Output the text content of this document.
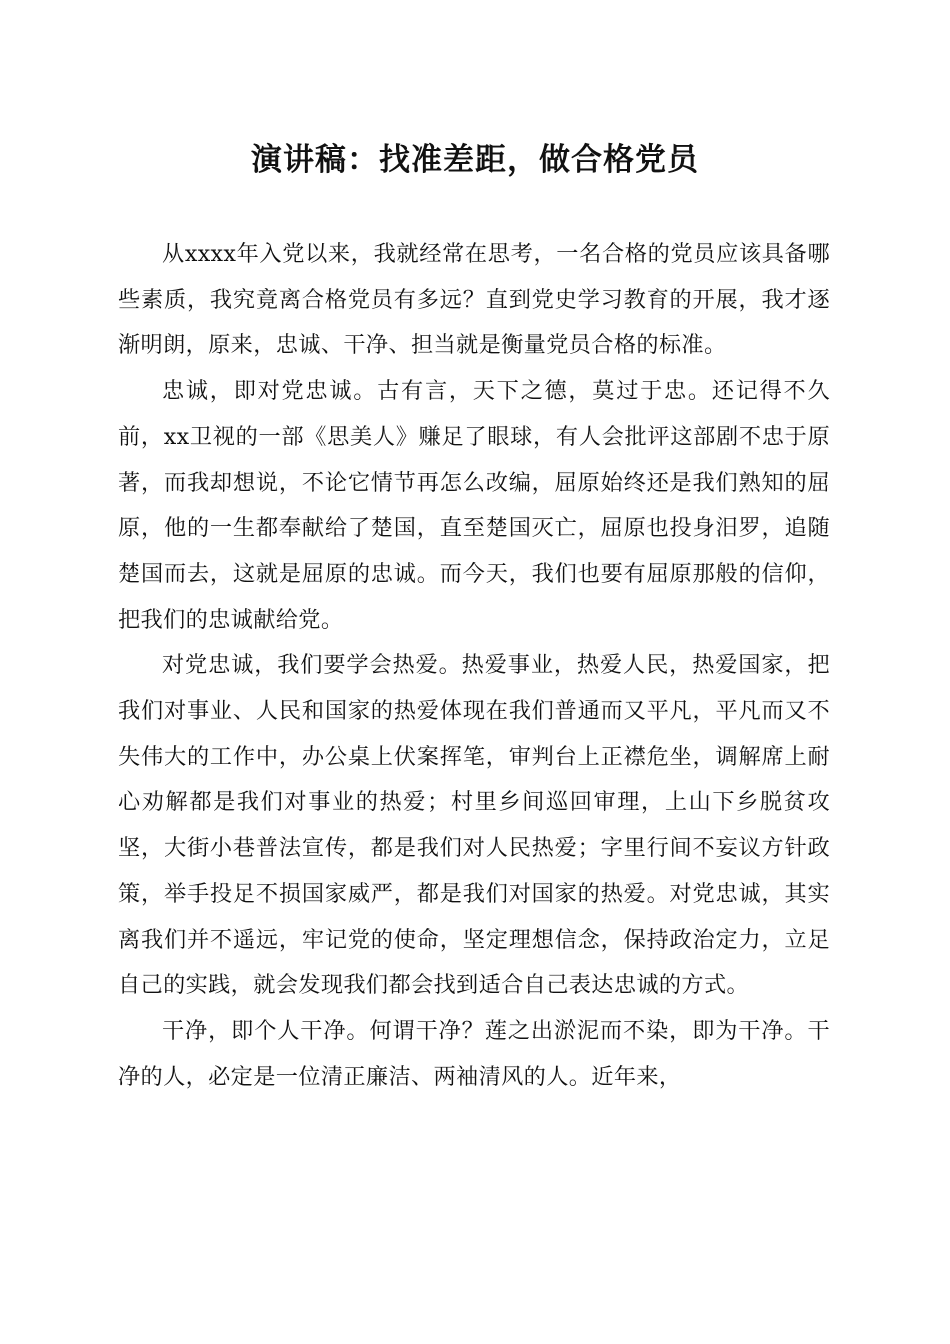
演讲稿：找准差距，做合格党员

从xxxx年入党以来，我就经常在思考，一名合格的党员应该具备哪些素质，我究竟离合格党员有多远？直到党史学习教育的开展，我才逐渐明朗，原来，忠诚、干净、担当就是衡量党员合格的标准。

忠诚，即对党忠诚。古有言，天下之德，莫过于忠。还记得不久前，xx卫视的一部《思美人》赚足了眼球，有人会批评这部剧不忠于原著，而我却想说，不论它情节再怎么改编，屈原始终还是我们熟知的屈原，他的一生都奉献给了楚国，直至楚国灭亡，屈原也投身汨罗，追随楚国而去，这就是屈原的忠诚。而今天，我们也要有屈原那般的信仰，把我们的忠诚献给党。

对党忠诚，我们要学会热爱。热爱事业，热爱人民，热爱国家，把我们对事业、人民和国家的热爱体现在我们普通而又平凡，平凡而又不失伟大的工作中，办公桌上伏案挥笔，审判台上正襟危坐，调解席上耐心劝解都是我们对事业的热爱；村里乡间巡回审理，上山下乡脱贫攻坚，大街小巷普法宣传，都是我们对人民热爱；字里行间不妄议方针政策，举手投足不损国家威严，都是我们对国家的热爱。对党忠诚，其实离我们并不遥远，牢记党的使命，坚定理想信念，保持政治定力，立足自己的实践，就会发现我们都会找到适合自己表达忠诚的方式。

干净，即个人干净。何谓干净？莲之出淤泥而不染，即为干净。干净的人，必定是一位清正廉洁、两袖清风的人。近年来，
